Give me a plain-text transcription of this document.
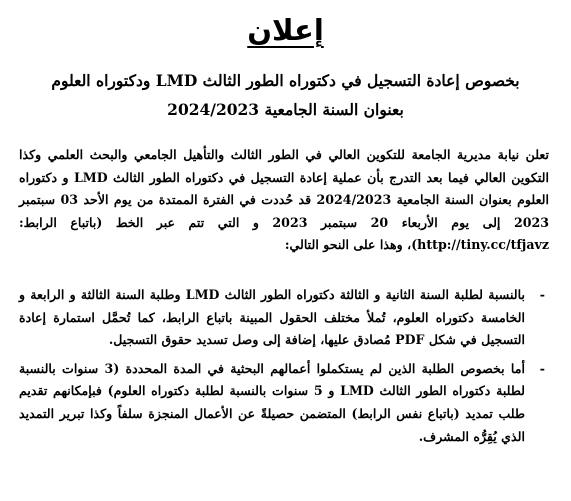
إعلان
بخصوص إعادة التسجيل في دكتوراه الطور الثالث LMD ودكتوراه العلوم
بعنوان السنة الجامعية 2024/2023

تعلن نيابة مديرية الجامعة للتكوين العالي في الطور الثالث والتأهيل الجامعي والبحث العلمي وكذا التكوين العالي فيما بعد التدرج بأن عملية إعادة التسجيل في دكتوراه الطور الثالث LMD و دكتوراه العلوم بعنوان السنة الجامعية 2024/2023 قد حُددت في الفترة الممتدة من يوم الأحد 03 سبتمبر 2023 إلى يوم الأربعاء 20 سبتمبر 2023 و التي تتم عبر الخط (باتباع الرابط: http://tiny.cc/tfjavz)، وهذا على النحو التالي:

-
بالنسبة لطلبة السنة الثانية و الثالثة دكتوراه الطور الثالث LMD وطلبة السنة الثالثة و الرابعة و الخامسة دكتوراه العلوم، تُملأ مختلف الحقول المبينة باتباع الرابط، كما تُحمَّل استمارة إعادة التسجيل في شكل PDF مُصادق عليها، إضافة إلى وصل تسديد حقوق التسجيل.
-
أما بخصوص الطلبة الذين لم يستكملوا أعمالهم البحثية في المدة المحددة (3 سنوات بالنسبة لطلبة دكتوراه الطور الثالث LMD و 5 سنوات بالنسبة لطلبة دكتوراه العلوم) فبإمكانهم تقديم طلب تمديد (باتباع نفس الرابط) المتضمن حصيلةً عن الأعمال المنجزة سلفاً وكذا تبرير التمديد الذي يُقِرُّه المشرف.
